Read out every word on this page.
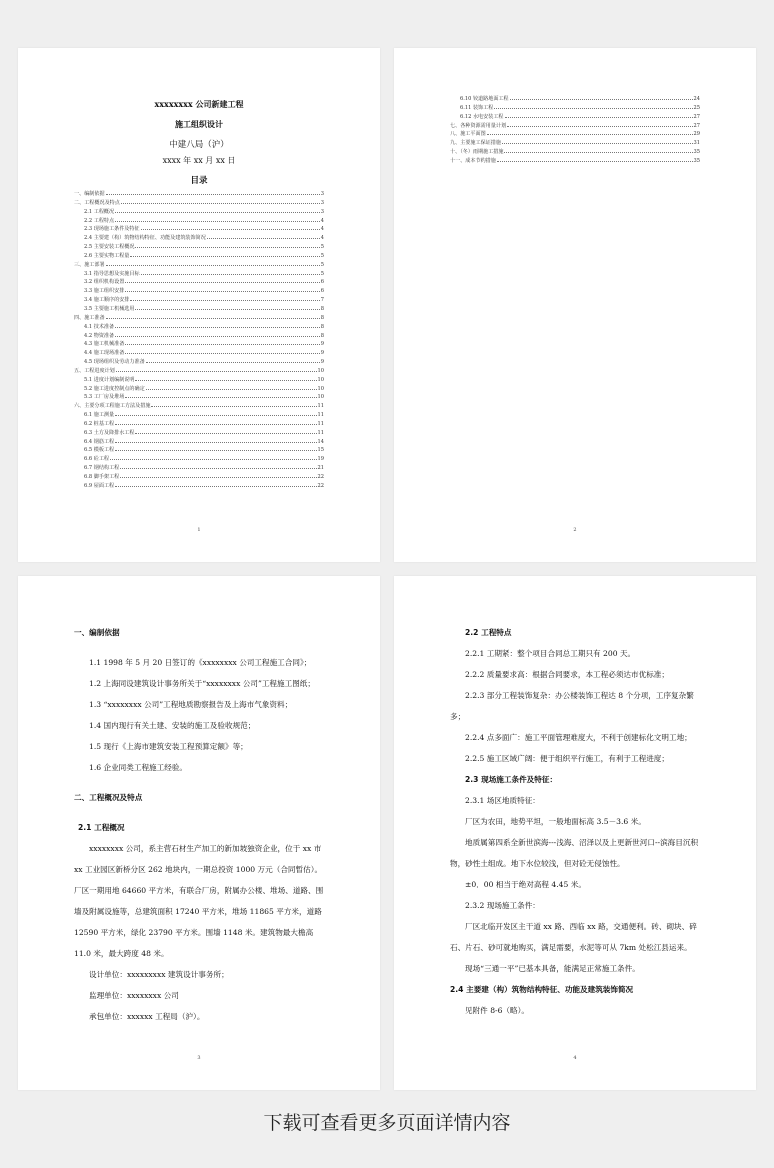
xxxxxxxx 公司新建工程
施工组织设计
中建八局（沪）
xxxx 年 xx 月 xx 日
目录
一、编制依据	3
二、工程概况及特点	3
2.1 工程概况	3
2.2 工程特点	4
2.3 现场施工条件及特征	4
2.4 主要建（构）筑物结构特征、功能及建筑装饰简况	4
2.5 主要安装工程概况	5
2.6 主要实物工程量	5
三、施工部署	5
3.1 指导思想及实施目标	5
3.2 组织机构设置	6
3.3 施工组织安排	6
3.4 施工顺序的安排	7
3.5 主要施工机械选用	8
四、施工准备	8
4.1 技术准备	8
4.2 物资准备	8
4.3 施工机械准备	9
4.4 施工现场准备	9
4.5 现场组织及劳动力准备	9
五、工程进度计划	10
5.1 进度计划编制说明	10
5.2 施工进度控制点的确定	10
5.3 工厂房及堆场	10
六、主要分项工程施工方法及措施	11
6.1 施工测量	11
6.2 桩基工程	11
6.3 土方及降排水工程	11
6.4 钢筋工程	14
6.5 模板工程	15
6.6 砼工程	19
6.7 钢结构工程	21
6.8 脚手架工程	22
6.9 屋面工程	22
1
6.10 铰道路地面工程	24
6.11 装饰工程	25
6.12 水电安装工程	27
七、各种资源需用量计划	27
八、施工平面图	29
九、主要施工保证措施	31
十、（冬）雨期施工措施	35
十一、成本节约措施	35
2

一、编制依据

1.1 1998 年 5 月 20 日签订的《xxxxxxxx 公司工程施工合同》；

1.2 上海同设建筑设计事务所关于“xxxxxxxx 公司”工程施工图纸；

1.3 “xxxxxxxx 公司”工程地质勘察报告及上海市气象资料；

1.4 国内现行有关土建、安装的施工及验收规范；

1.5 现行《上海市建筑安装工程预算定额》等；

1.6 企业同类工程施工经验。

二、工程概况及特点

2.1 工程概况

xxxxxxxx 公司，系主营石材生产加工的新加坡独资企业，位于 xx 市 xx 工业园区新桥分区 262 地块内，一期总投资 1000 万元（合同暂估）。厂区一期用地 64660 平方米，有联合厂房，附属办公楼、堆场、道路、围墙及附属设施等，总建筑面积 17240 平方米，堆场 11865 平方米，道路 12590 平方米，绿化 23790 平方米。围墙 1148 米。建筑物最大檐高 11.0 米，最大跨度 48 米。

设计单位：xxxxxxxxx 建筑设计事务所；

监理单位：xxxxxxxx 公司

承包单位：xxxxxx 工程局（沪）。

3

2.2 工程特点

2.2.1 工期紧：整个项目合同总工期只有 200 天。

2.2.2 质量要求高：根据合同要求，本工程必须达市优标准；

2.2.3 部分工程装饰复杂：办公楼装饰工程达 8 个分项，工序复杂繁多；

2.2.4 点多面广：施工平面管理难度大，不利于创建标化文明工地；

2.2.5 施工区域广阔：便于组织平行施工，有利于工程进度；

2.3 现场施工条件及特征：

2.3.1 场区地质特征：

厂区为农田，地势平坦，一般地面标高 3.5－3.6 米。

地质属第四系全新世滨海---浅海、沼泽以及上更新世河口--滨海目沉积物，砂性土组成。地下水位较浅，但对砼无侵蚀性。

±0．00 相当于绝对高程 4.45 米。

2.3.2 现场施工条件：

厂区北临开发区主干道 xx 路、西临 xx 路，交通便利。砖、砌块、碎石、片石、砂可就地购买，满足需要，水泥等可从 7km 处松江县运来。

现场“三通一平”已基本具备，能满足正常施工条件。

2.4 主要建（构）筑物结构特征、功能及建筑装饰简况

见附件 8-6（略）。

4
下载可查看更多页面详情内容
